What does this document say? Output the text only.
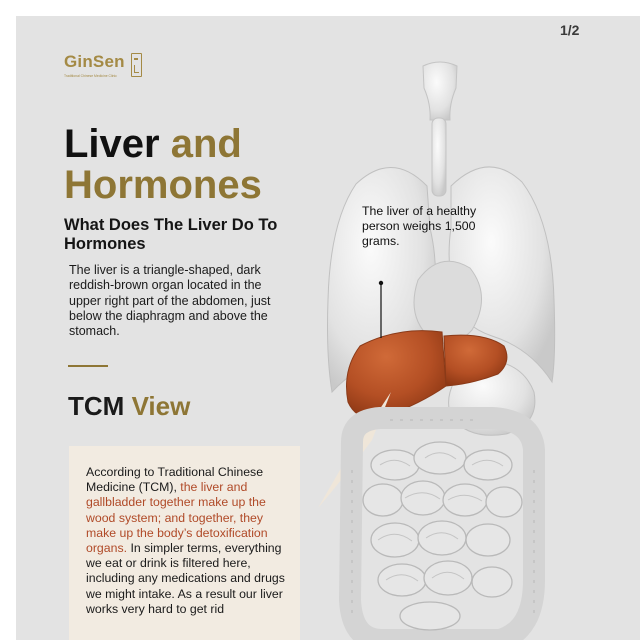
1/2
GinSen
Traditional Chinese Medicine Clinic
Liver and
Hormones
What Does The Liver Do To Hormones
The liver is a triangle-shaped, dark reddish-brown organ located in the upper right part of the abdomen, just below the diaphragm and above the stomach.
TCM View
According to Traditional Chinese Medicine (TCM), the liver and gallbladder together make up the wood system; and together, they make up the body’s detoxification organs. In simpler terms, everything we eat or drink is filtered here, including any medications and drugs we might intake. As a result our liver works very hard to get rid
The liver of a healthy person weighs 1,500 grams.
